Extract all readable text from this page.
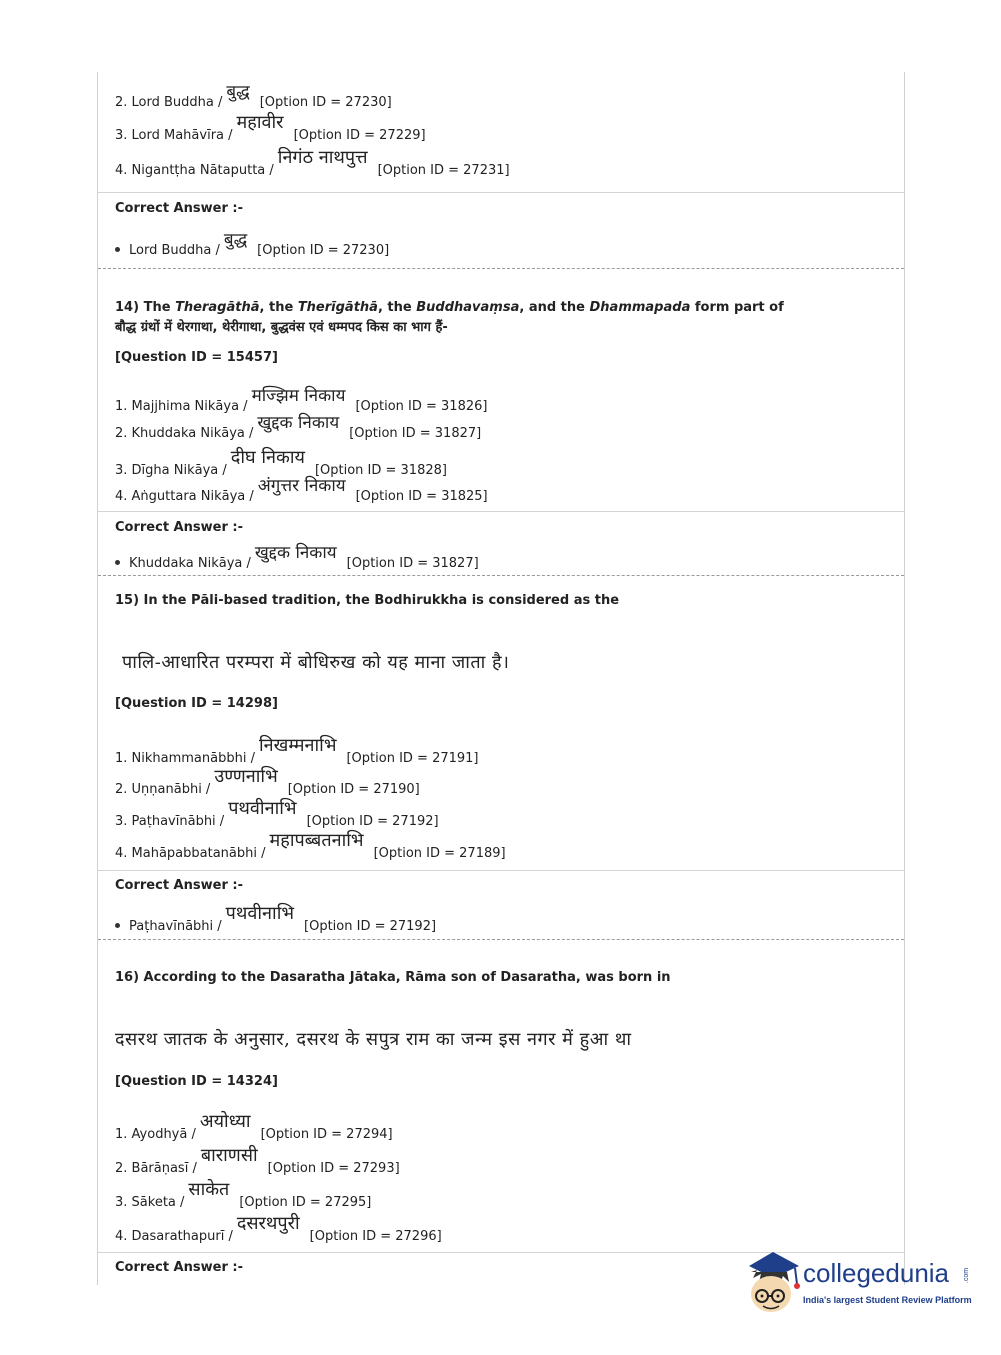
2. Lord Buddha /बुद्ध[Option ID = 27230]
3. Lord Mahāvīra /महावीर[Option ID = 27229]
4. Nigantṭha Nātaputta /निगंठ नाथपुत्त[Option ID = 27231]
Correct Answer :-
Lord Buddha /बुद्ध[Option ID = 27230]
14) The Theragāthā, the Therīgāthā, the Buddhavaṃsa, and the Dhammapada form part of
बौद्ध ग्रंथों में थेरगाथा, थेरीगाथा, बुद्धवंस एवं धम्मपद किस का भाग हैं-
[Question ID = 15457]
1. Majjhima Nikāya /मज्झिम निकाय[Option ID = 31826]
2. Khuddaka Nikāya /खुद्दक निकाय[Option ID = 31827]
3. Dīgha Nikāya /दीघ निकाय[Option ID = 31828]
4. Aṅguttara Nikāya /अंगुत्तर निकाय[Option ID = 31825]
Correct Answer :-
Khuddaka Nikāya /खुद्दक निकाय[Option ID = 31827]
15) In the Pāli-based tradition, the Bodhirukkha is considered as the
पालि-आधारित परम्परा में बोधिरुख को यह माना जाता है।
[Question ID = 14298]
1. Nikhammanābbhi /निखम्मनाभि[Option ID = 27191]
2. Uṇṇanābhi /उण्णनाभि[Option ID = 27190]
3. Paṭhavīnābhi /पथवीनाभि[Option ID = 27192]
4. Mahāpabbatanābhi /महापब्बतनाभि[Option ID = 27189]
Correct Answer :-
Paṭhavīnābhi /पथवीनाभि[Option ID = 27192]
16) According to the Dasaratha Jātaka, Rāma son of Dasaratha, was born in
दसरथ जातक के अनुसार, दसरथ के सपुत्र राम का जन्म इस नगर में हुआ था
[Question ID = 14324]
1. Ayodhyā /अयोध्या[Option ID = 27294]
2. Bārāṇasī /बाराणसी[Option ID = 27293]
3. Sāketa /साकेत[Option ID = 27295]
4. Dasarathapurī /दसरथपुरी[Option ID = 27296]
Correct Answer :-	collegedunia .com
India's largest Student Review Platform
